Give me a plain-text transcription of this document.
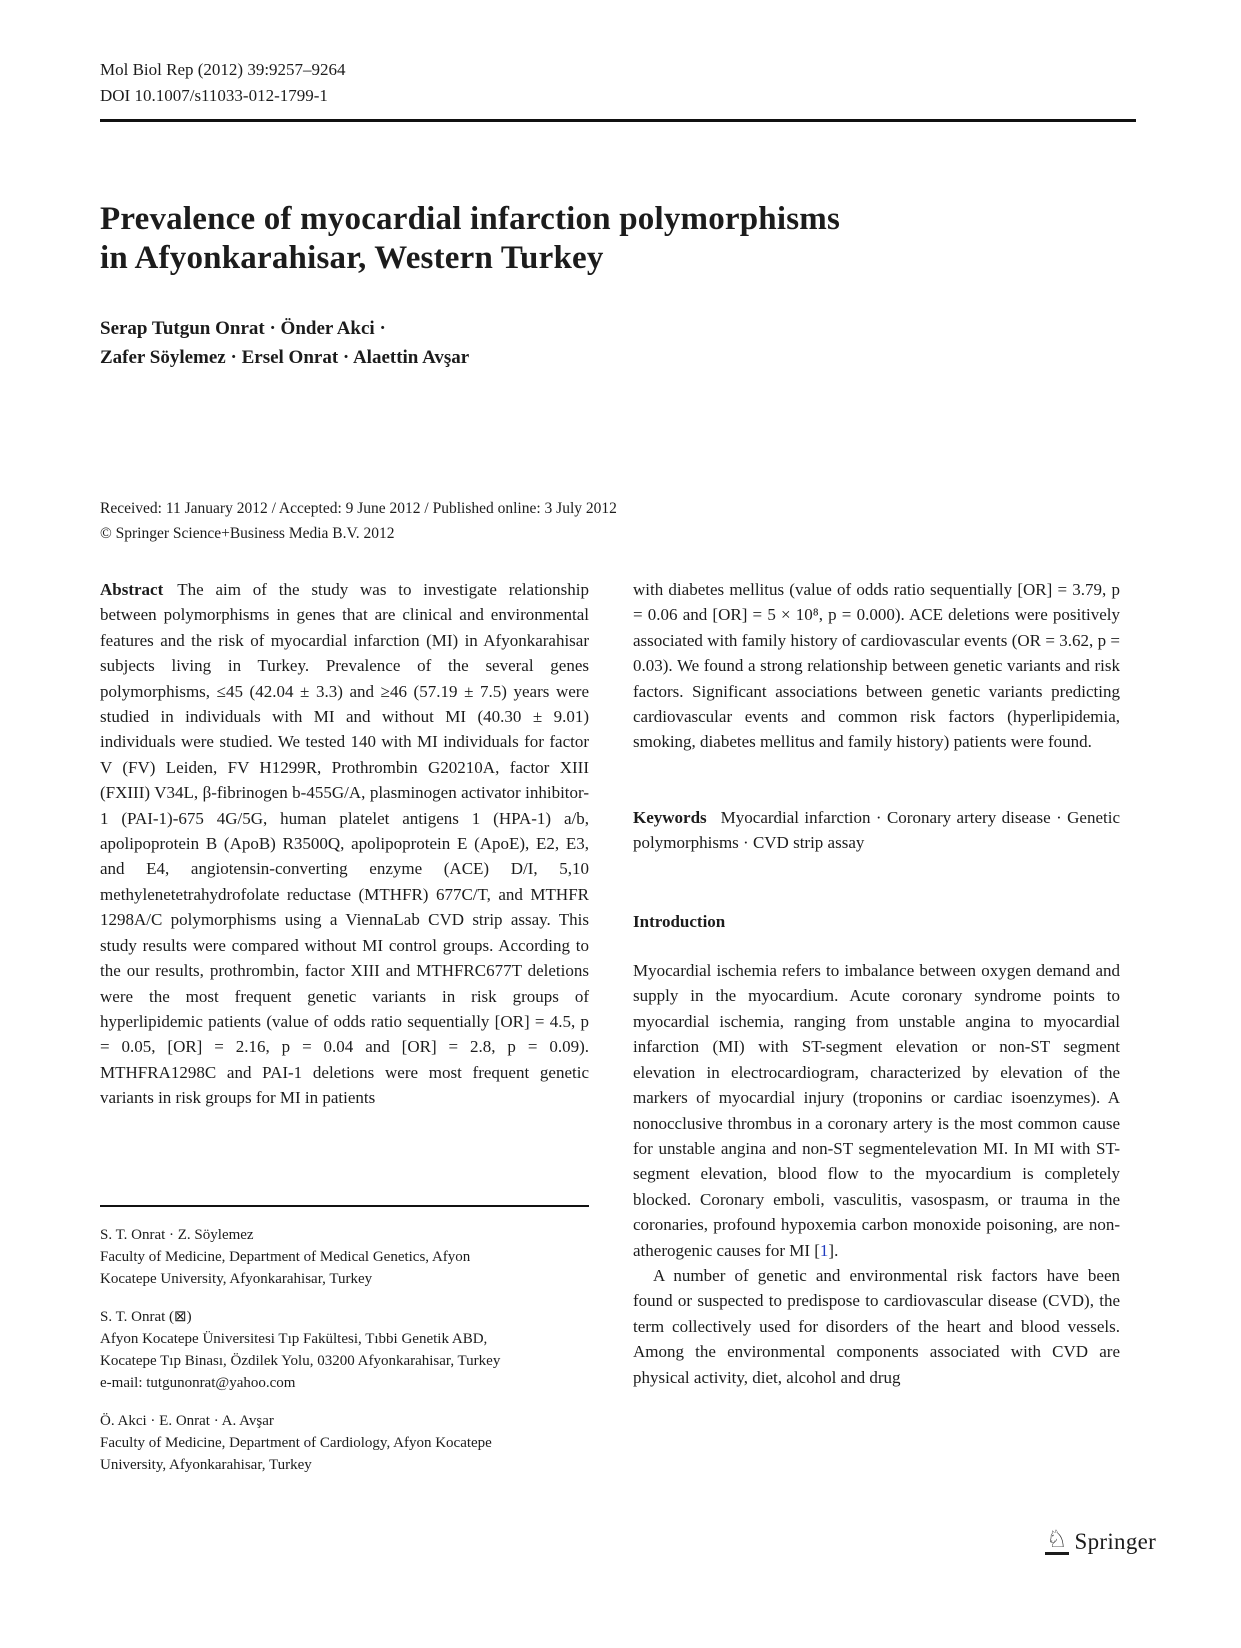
Mol Biol Rep (2012) 39:9257–9264
DOI 10.1007/s11033-012-1799-1
Prevalence of myocardial infarction polymorphisms
in Afyonkarahisar, Western Turkey
Serap Tutgun Onrat · Önder Akci ·
Zafer Söylemez · Ersel Onrat · Alaettin Avşar
Received: 11 January 2012 / Accepted: 9 June 2012 / Published online: 3 July 2012
© Springer Science+Business Media B.V. 2012

Abstract The aim of the study was to investigate relationship between polymorphisms in genes that are clinical and environmental features and the risk of myocardial infarction (MI) in Afyonkarahisar subjects living in Turkey. Prevalence of the several genes polymorphisms, ≤45 (42.04 ± 3.3) and ≥46 (57.19 ± 7.5) years were studied in individuals with MI and without MI (40.30 ± 9.01) individuals were studied. We tested 140 with MI individuals for factor V (FV) Leiden, FV H1299R, Prothrombin G20210A, factor XIII (FXIII) V34L, β-fibrinogen b-455G/A, plasminogen activator inhibitor-1 (PAI-1)-675 4G/5G, human platelet antigens 1 (HPA-1) a/b, apolipoprotein B (ApoB) R3500Q, apolipoprotein E (ApoE), E2, E3, and E4, angiotensin-converting enzyme (ACE) D/I, 5,10 methylenetetrahydrofolate reductase (MTHFR) 677C/T, and MTHFR 1298A/C polymorphisms using a ViennaLab CVD strip assay. This study results were compared without MI control groups. According to the our results, prothrombin, factor XIII and MTHFRC677T deletions were the most frequent genetic variants in risk groups of hyperlipidemic patients (value of odds ratio sequentially [OR] = 4.5, p = 0.05, [OR] = 2.16, p = 0.04 and [OR] = 2.8, p = 0.09). MTHFRA1298C and PAI-1 deletions were most frequent genetic variants in risk groups for MI in patients

with diabetes mellitus (value of odds ratio sequentially [OR] = 3.79, p = 0.06 and [OR] = 5 × 10⁸, p = 0.000). ACE deletions were positively associated with family history of cardiovascular events (OR = 3.62, p = 0.03). We found a strong relationship between genetic variants and risk factors. Significant associations between genetic variants predicting cardiovascular events and common risk factors (hyperlipidemia, smoking, diabetes mellitus and family history) patients were found.

Keywords Myocardial infarction · Coronary artery disease · Genetic polymorphisms · CVD strip assay

Introduction

Myocardial ischemia refers to imbalance between oxygen demand and supply in the myocardium. Acute coronary syndrome points to myocardial ischemia, ranging from unstable angina to myocardial infarction (MI) with ST-segment elevation or non-ST segment elevation in electrocardiogram, characterized by elevation of the markers of myocardial injury (troponins or cardiac isoenzymes). A nonocclusive thrombus in a coronary artery is the most common cause for unstable angina and non-ST segmentelevation MI. In MI with ST-segment elevation, blood flow to the myocardium is completely blocked. Coronary emboli, vasculitis, vasospasm, or trauma in the coronaries, profound hypoxemia carbon monoxide poisoning, are non-atherogenic causes for MI [1].

A number of genetic and environmental risk factors have been found or suspected to predispose to cardiovascular disease (CVD), the term collectively used for disorders of the heart and blood vessels. Among the environmental components associated with CVD are physical activity, diet, alcohol and drug

S. T. Onrat · Z. Söylemez

Faculty of Medicine, Department of Medical Genetics, Afyon Kocatepe University, Afyonkarahisar, Turkey

S. T. Onrat (⊠)

Afyon Kocatepe Üniversitesi Tıp Fakültesi, Tıbbi Genetik ABD, Kocatepe Tıp Binası, Özdilek Yolu, 03200 Afyonkarahisar, Turkey

e-mail: tutgunonrat@yahoo.com

Ö. Akci · E. Onrat · A. Avşar

Faculty of Medicine, Department of Cardiology, Afyon Kocatepe University, Afyonkarahisar, Turkey

♘ Springer
